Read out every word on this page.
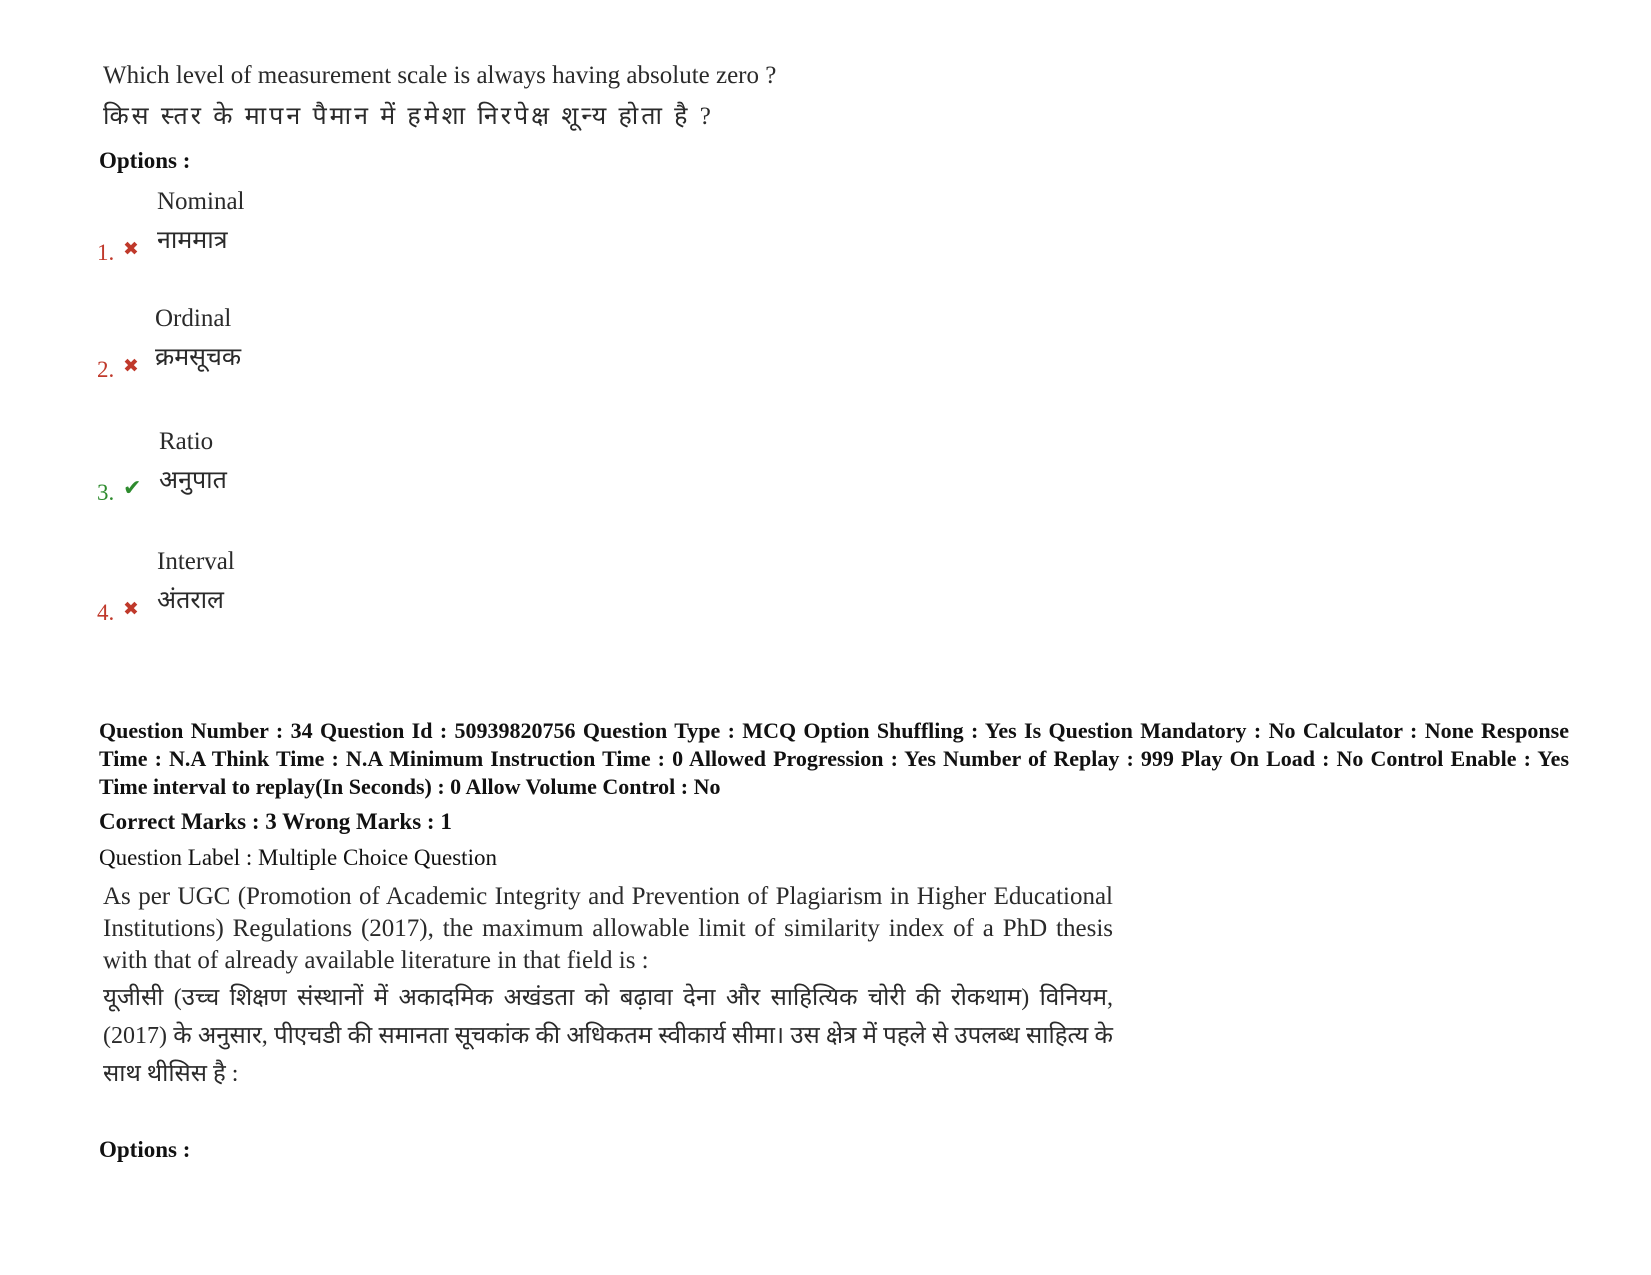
Which level of measurement scale is always having absolute zero ?
किस स्तर के मापन पैमान में हमेशा निरपेक्ष शून्य होता है ?
Options :
1. ✖
Nominal
नाममात्र
2. ✖
Ordinal
क्रमसूचक
3. ✔
Ratio
अनुपात
4. ✖
Interval
अंतराल
Question Number : 34 Question Id : 50939820756 Question Type : MCQ Option Shuffling : Yes Is Question Mandatory : No Calculator : None Response Time : N.A Think Time : N.A Minimum Instruction Time : 0 Allowed Progression : Yes Number of Replay : 999 Play On Load : No Control Enable : Yes Time interval to replay(In Seconds) : 0 Allow Volume Control : No
Correct Marks : 3 Wrong Marks : 1
Question Label : Multiple Choice Question
As per UGC (Promotion of Academic Integrity and Prevention of Plagiarism in Higher Educational Institutions) Regulations (2017), the maximum allowable limit of similarity index of a PhD thesis with that of already available literature in that field is :
यूजीसी (उच्च शिक्षण संस्थानों में अकादमिक अखंडता को बढ़ावा देना और साहित्यिक चोरी की रोकथाम) विनियम, (2017) के अनुसार, पीएचडी की समानता सूचकांक की अधिकतम स्वीकार्य सीमा। उस क्षेत्र में पहले से उपलब्ध साहित्य के साथ थीसिस है :
Options :
